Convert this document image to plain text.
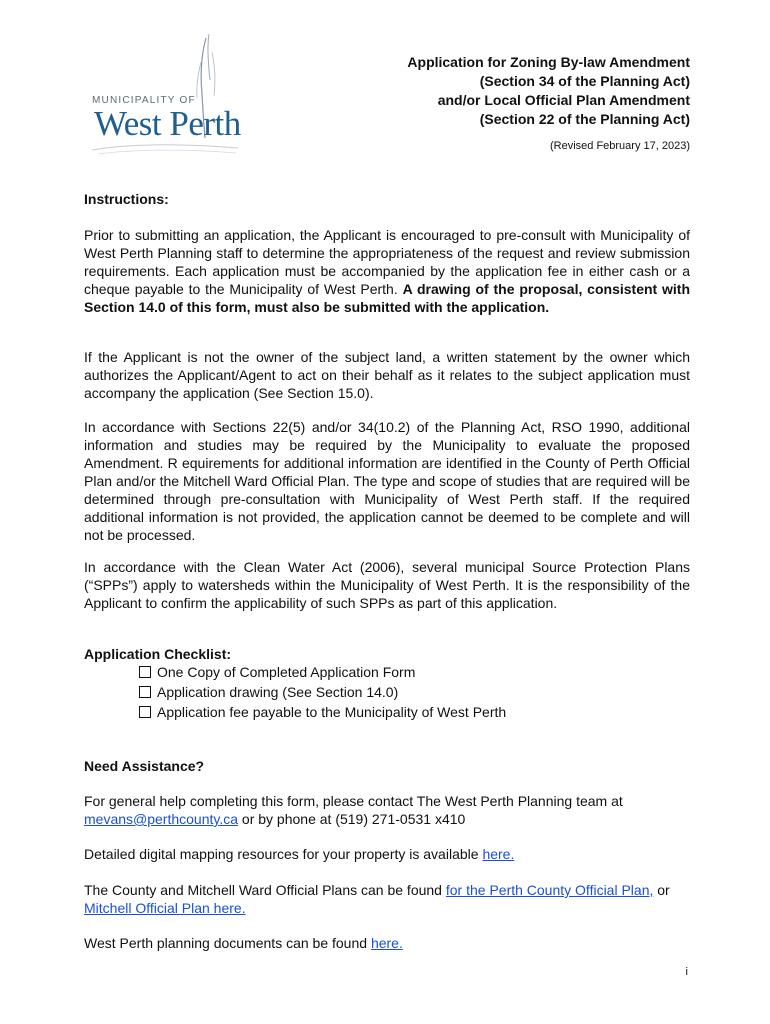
MUNICIPALITY OF
West Perth
Application for Zoning By-law Amendment
(Section 34 of the Planning Act)
and/or Local Official Plan Amendment
(Section 22 of the Planning Act)
(Revised February 17, 2023)
Instructions:

Prior to submitting an application, the Applicant is encouraged to pre-consult with Municipality of West Perth Planning staff to determine the appropriateness of the request and review submission requirements. Each application must be accompanied by the application fee in either cash or a cheque payable to the Municipality of West Perth. A drawing of the proposal, consistent with Section 14.0 of this form, must also be submitted with the application.

If the Applicant is not the owner of the subject land, a written statement by the owner which authorizes the Applicant/Agent to act on their behalf as it relates to the subject application must accompany the application (See Section 15.0).

In accordance with Sections 22(5) and/or 34(10.2) of the Planning Act, RSO 1990, additional information and studies may be required by the Municipality to evaluate the proposed Amendment. R equirements for additional information are identified in the County of Perth Official Plan and/or the Mitchell Ward Official Plan. The type and scope of studies that are required will be determined through pre-consultation with Municipality of West Perth staff. If the required additional information is not provided, the application cannot be deemed to be complete and will not be processed.

In accordance with the Clean Water Act (2006), several municipal Source Protection Plans (“SPPs”) apply to watersheds within the Municipality of West Perth. It is the responsibility of the Applicant to confirm the applicability of such SPPs as part of this application.

Application Checklist:
One Copy of Completed Application Form
Application drawing (See Section 14.0)
Application fee payable to the Municipality of West Perth
Need Assistance?

For general help completing this form, please contact The West Perth Planning team at
mevans@perthcounty.ca or by phone at (519) 271-0531 x410

Detailed digital mapping resources for your property is available here.

The County and Mitchell Ward Official Plans can be found for the Perth County Official Plan, or Mitchell Official Plan here.

West Perth planning documents can be found here.

i
